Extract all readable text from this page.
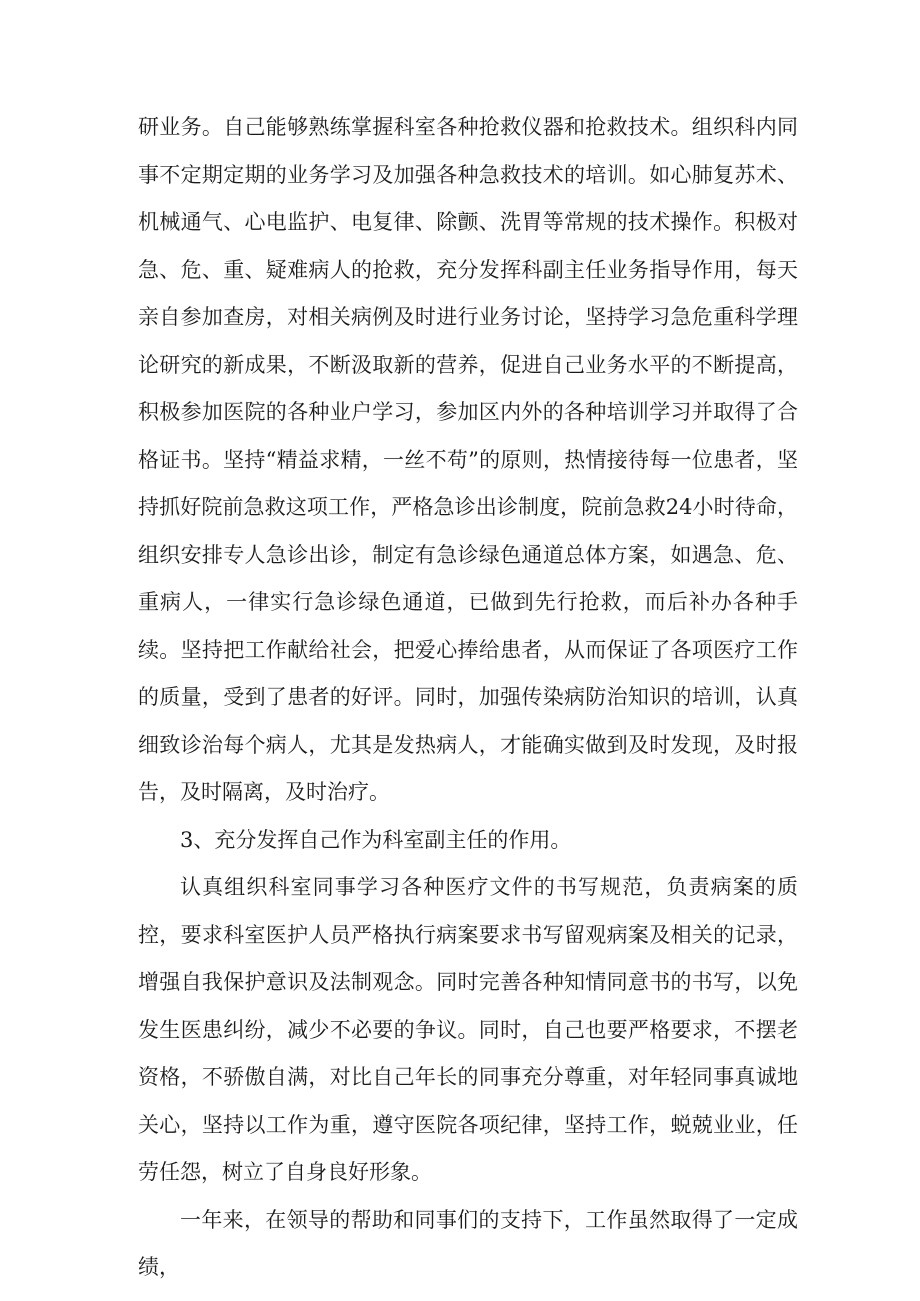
研业务。自己能够熟练掌握科室各种抢救仪器和抢救技术。组织科内同事不定期定期的业务学习及加强各种急救技术的培训。如心肺复苏术、机械通气、心电监护、电复律、除颤、洗胃等常规的技术操作。积极对急、危、重、疑难病人的抢救，充分发挥科副主任业务指导作用，每天亲自参加查房，对相关病例及时进行业务讨论，坚持学习急危重科学理论研究的新成果，不断汲取新的营养，促进自己业务水平的不断提高，积极参加医院的各种业户学习，参加区内外的各种培训学习并取得了合格证书。坚持“精益求精，一丝不苟”的原则，热情接待每一位患者，坚持抓好院前急救这项工作，严格急诊出诊制度，院前急救24小时待命，组织安排专人急诊出诊，制定有急诊绿色通道总体方案，如遇急、危、重病人，一律实行急诊绿色通道，已做到先行抢救，而后补办各种手续。坚持把工作献给社会，把爱心捧给患者，从而保证了各项医疗工作的质量，受到了患者的好评。同时，加强传染病防治知识的培训，认真细致诊治每个病人，尤其是发热病人，才能确实做到及时发现，及时报告，及时隔离，及时治疗。

3、充分发挥自己作为科室副主任的作用。

认真组织科室同事学习各种医疗文件的书写规范，负责病案的质控，要求科室医护人员严格执行病案要求书写留观病案及相关的记录，增强自我保护意识及法制观念。同时完善各种知情同意书的书写，以免发生医患纠纷，减少不必要的争议。同时，自己也要严格要求，不摆老资格，不骄傲自满，对比自己年长的同事充分尊重，对年轻同事真诚地关心，坚持以工作为重，遵守医院各项纪律，坚持工作，蜕兢业业，任劳任怨，树立了自身良好形象。

一年来，在领导的帮助和同事们的支持下，工作虽然取得了一定成绩，
